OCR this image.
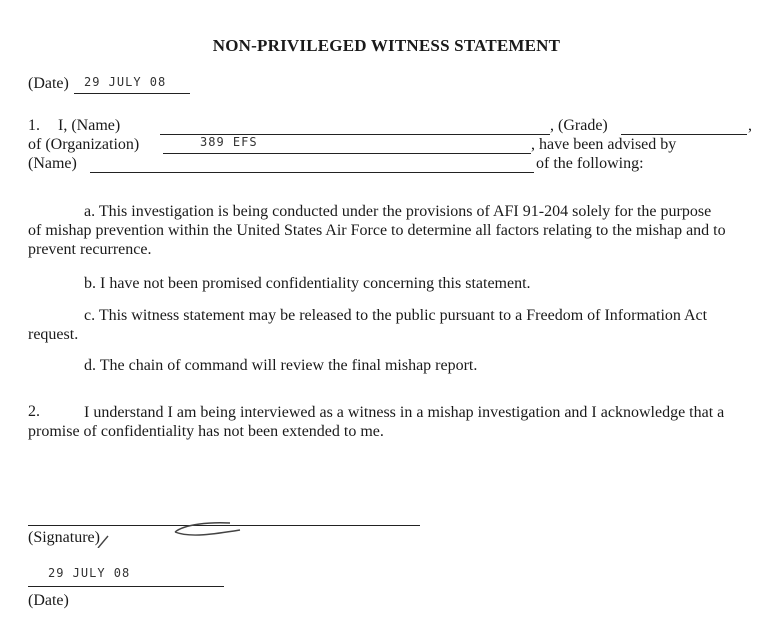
NON-PRIVILEGED WITNESS STATEMENT
(Date) 29 JULY 08
1. I, (Name)	, (Grade)	,
of (Organization)	389 EFS	, have been advised by
(Name)	of the following:
a. This investigation is being conducted under the provisions of AFI 91-204 solely for the purpose of mishap prevention within the United States Air Force to determine all factors relating to the mishap and to prevent recurrence.
b. I have not been promised confidentiality concerning this statement.
c. This witness statement may be released to the public pursuant to a Freedom of Information Act request.
d. The chain of command will review the final mishap report.
2.	I understand I am being interviewed as a witness in a mishap investigation and I acknowledge that a promise of confidentiality has not been extended to me.
(Signature)
29 JULY 08
(Date)
